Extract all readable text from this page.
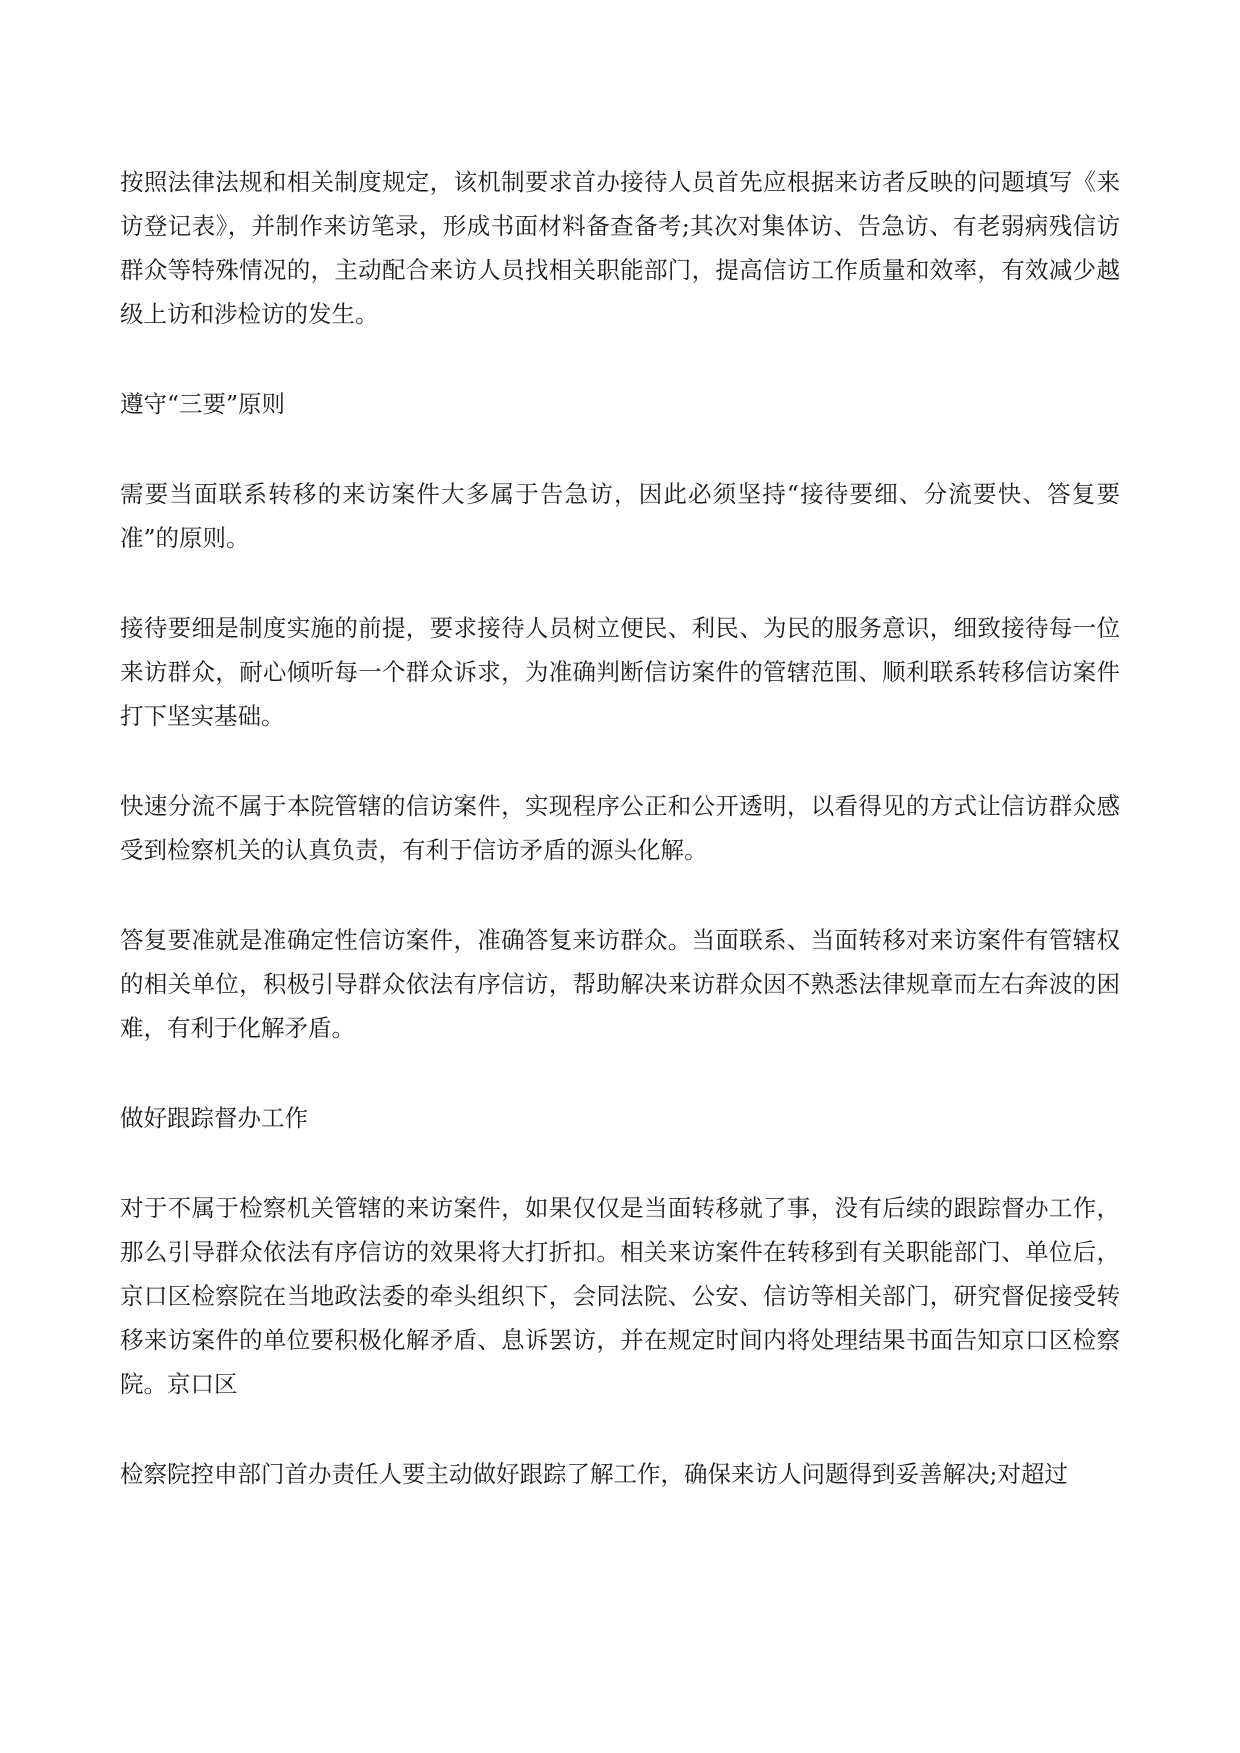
按照法律法规和相关制度规定，该机制要求首办接待人员首先应根据来访者反映的问题填写《来访登记表》，并制作来访笔录，形成书面材料备查备考;其次对集体访、告急访、有老弱病残信访群众等特殊情况的，主动配合来访人员找相关职能部门，提高信访工作质量和效率，有效减少越级上访和涉检访的发生。

遵守“三要”原则

需要当面联系转移的来访案件大多属于告急访，因此必须坚持“接待要细、分流要快、答复要准”的原则。

接待要细是制度实施的前提，要求接待人员树立便民、利民、为民的服务意识，细致接待每一位来访群众，耐心倾听每一个群众诉求，为准确判断信访案件的管辖范围、顺利联系转移信访案件打下坚实基础。

快速分流不属于本院管辖的信访案件，实现程序公正和公开透明，以看得见的方式让信访群众感受到检察机关的认真负责，有利于信访矛盾的源头化解。

答复要准就是准确定性信访案件，准确答复来访群众。当面联系、当面转移对来访案件有管辖权的相关单位，积极引导群众依法有序信访，帮助解决来访群众因不熟悉法律规章而左右奔波的困难，有利于化解矛盾。

做好跟踪督办工作

对于不属于检察机关管辖的来访案件，如果仅仅是当面转移就了事，没有后续的跟踪督办工作，那么引导群众依法有序信访的效果将大打折扣。相关来访案件在转移到有关职能部门、单位后，京口区检察院在当地政法委的牵头组织下，会同法院、公安、信访等相关部门，研究督促接受转移来访案件的单位要积极化解矛盾、息诉罢访，并在规定时间内将处理结果书面告知京口区检察院。京口区

检察院控申部门首办责任人要主动做好跟踪了解工作，确保来访人问题得到妥善解决;对超过
